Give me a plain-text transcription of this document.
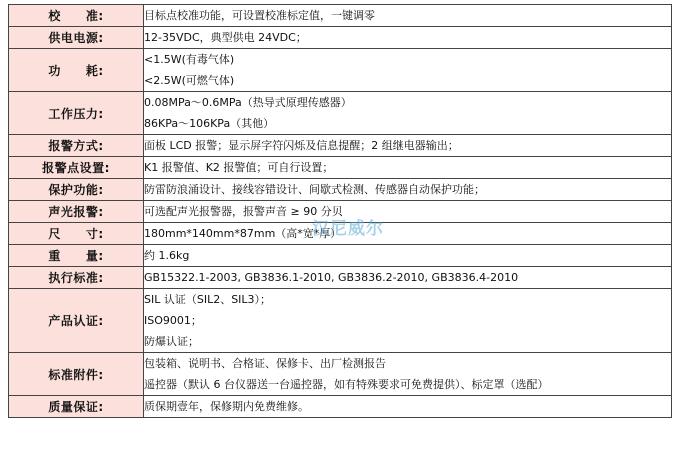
校　　准:	目标点校准功能，可设置校准标定值，一键调零

供电电源:	12-35VDC，典型供电 24VDC；

功　　耗:	<1.5W(有毒气体)
<2.5W(可燃气体)

工作压力:	0.08MPa～0.6MPa（热导式原理传感器）
86KPa～106KPa（其他）

报警方式:	面板 LCD 报警；显示屏字符闪烁及信息提醒；2 组继电器输出；

报警点设置:	K1 报警值、K2 报警值；可自行设置；

保护功能:	防雷防浪涌设计、接线容错设计、间歇式检测、传感器自动保护功能；

声光报警:	可选配声光报警器，报警声音 ≥ 90 分贝

尺　　寸:	180mm*140mm*87mm（高*宽*厚）

重　　量:	约 1.6kg

执行标准:	GB15322.1-2003, GB3836.1-2010, GB3836.2-2010, GB3836.4-2010

产品认证:	SIL 认证（SIL2、SIL3）；
ISO9001；
防爆认证；

标准附件:	包装箱、说明书、合格证、保修卡、出厂检测报告
遥控器（默认 6 台仪器送一台遥控器，如有特殊要求可免费提供）、标定罩（选配）

质量保证:	质保期壹年，保修期内免费维修。
汉尼威尔
